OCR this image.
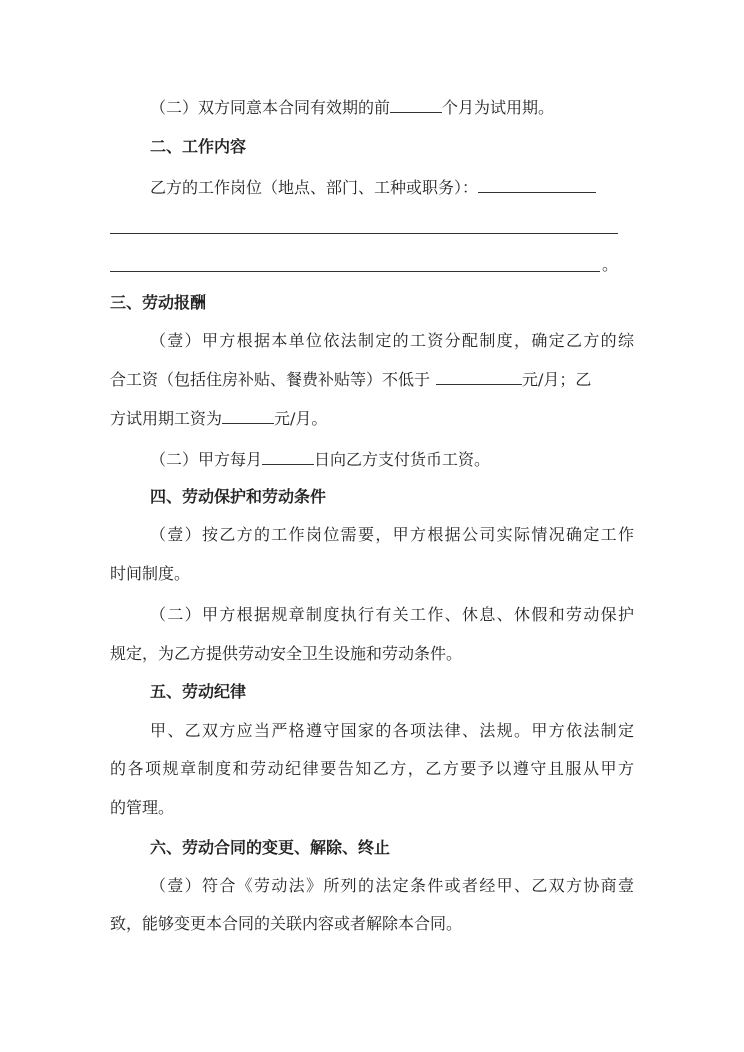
（二）双方同意本合同有效期的前	个月为试用期。
二、工作内容
乙方的工作岗位（地点、部门、工种或职务）：
。
三、劳动报酬
（壹）甲方根据本单位依法制定的工资分配制度，确定乙方的综
合工资（包括住房补贴、餐费补贴等）不低于	元/月；乙
方试用期工资为	元/月。
（二）甲方每月	日向乙方支付货币工资。
四、劳动保护和劳动条件
（壹）按乙方的工作岗位需要，甲方根据公司实际情况确定工作
时间制度。
（二）甲方根据规章制度执行有关工作、休息、休假和劳动保护
规定，为乙方提供劳动安全卫生设施和劳动条件。
五、劳动纪律
甲、乙双方应当严格遵守国家的各项法律、法规。甲方依法制定
的各项规章制度和劳动纪律要告知乙方，乙方要予以遵守且服从甲方
的管理。
六、劳动合同的变更、解除、终止
（壹）符合《劳动法》所列的法定条件或者经甲、乙双方协商壹
致，能够变更本合同的关联内容或者解除本合同。
